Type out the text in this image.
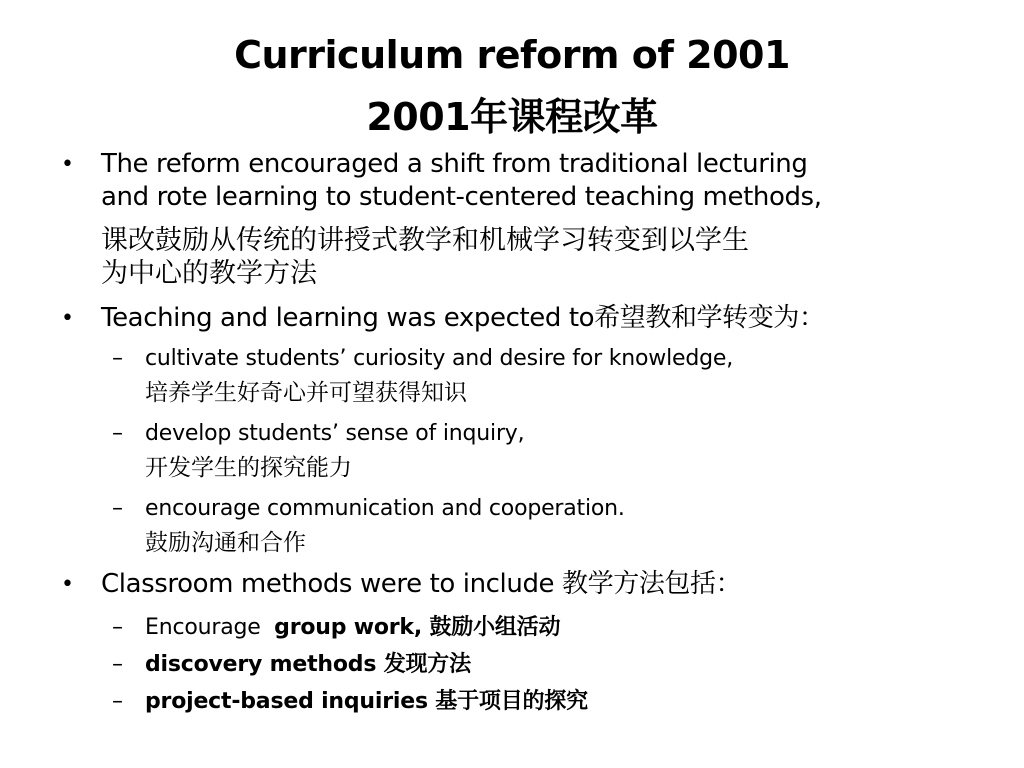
Curriculum reform of 2001
2001年课程改革
• The reform encouraged a shift from traditional lecturing
and rote learning to student-centered teaching methods,
课改鼓励从传统的讲授式教学和机械学习转变到以学生
为中心的教学方法
• Teaching and learning was expected to希望教和学转变为：
– cultivate students’ curiosity and desire for knowledge,
培养学生好奇心并可望获得知识
– develop students’ sense of inquiry,
开发学生的探究能力
– encourage communication and cooperation.
鼓励沟通和合作
• Classroom methods were to include 教学方法包括：
– Encourage  group work, 鼓励小组活动
– discovery methods 发现方法
– project-based inquiries 基于项目的探究
